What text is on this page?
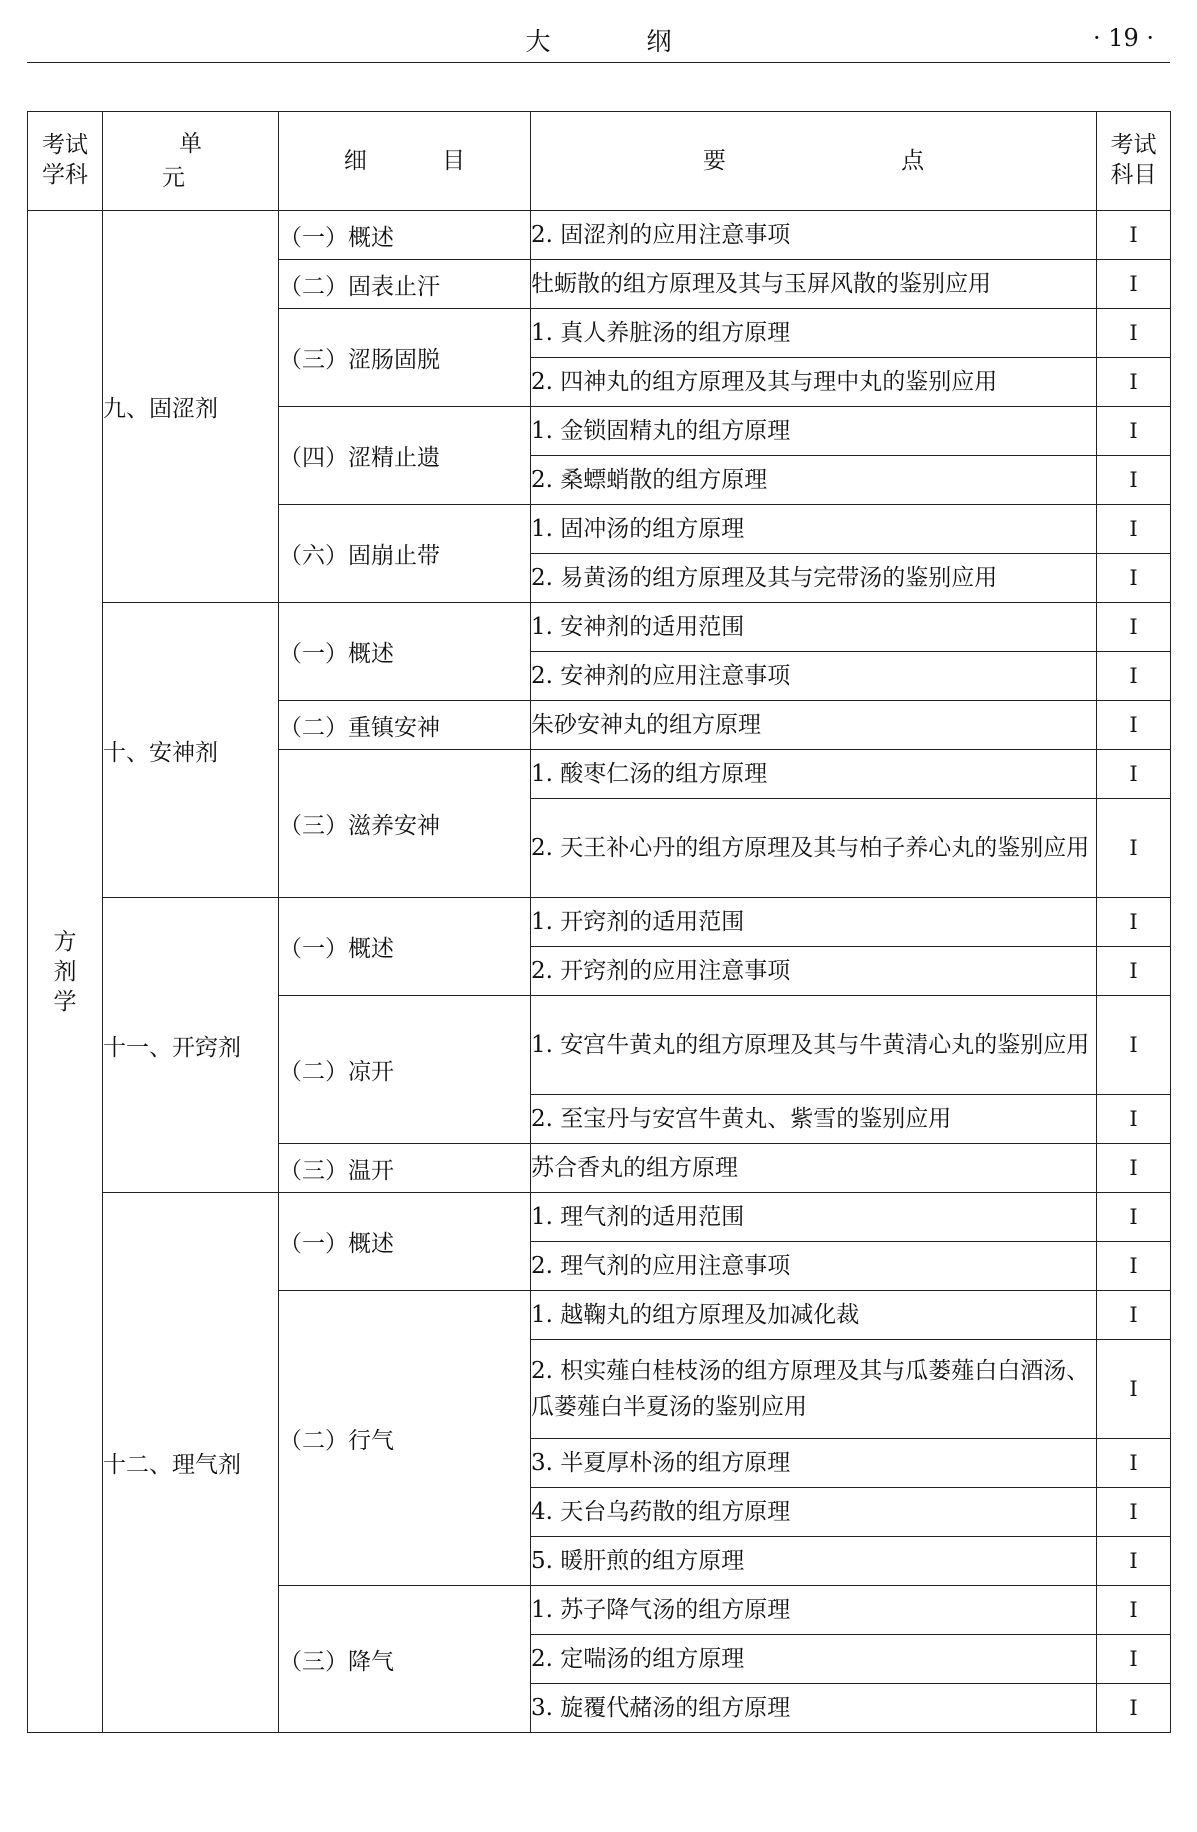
大 纲	· 19 ·
考试学科	单 元	细 目	要 点	考试科目
方剂学	九、固涩剂	（一）概述	2. 固涩剂的应用注意事项	Ⅰ
		（二）固表止汗	牡蛎散的组方原理及其与玉屏风散的鉴别应用	Ⅰ
		（三）涩肠固脱	1. 真人养脏汤的组方原理	Ⅰ
			2. 四神丸的组方原理及其与理中丸的鉴别应用	Ⅰ
		（四）涩精止遗	1. 金锁固精丸的组方原理	Ⅰ
			2. 桑螵蛸散的组方原理	Ⅰ
		（六）固崩止带	1. 固冲汤的组方原理	Ⅰ
			2. 易黄汤的组方原理及其与完带汤的鉴别应用	Ⅰ
	十、安神剂	（一）概述	1. 安神剂的适用范围	Ⅰ
			2. 安神剂的应用注意事项	Ⅰ
		（二）重镇安神	朱砂安神丸的组方原理	Ⅰ
		（三）滋养安神	1. 酸枣仁汤的组方原理	Ⅰ
			2. 天王补心丹的组方原理及其与柏子养心丸的鉴别应用	Ⅰ
	十一、开窍剂	（一）概述	1. 开窍剂的适用范围	Ⅰ
			2. 开窍剂的应用注意事项	Ⅰ
		（二）凉开	1. 安宫牛黄丸的组方原理及其与牛黄清心丸的鉴别应用	Ⅰ
			2. 至宝丹与安宫牛黄丸、紫雪的鉴别应用	Ⅰ
		（三）温开	苏合香丸的组方原理	Ⅰ
	十二、理气剂	（一）概述	1. 理气剂的适用范围	Ⅰ
			2. 理气剂的应用注意事项	Ⅰ
		（二）行气	1. 越鞠丸的组方原理及加减化裁	Ⅰ
			2. 枳实薤白桂枝汤的组方原理及其与瓜蒌薤白白酒汤、瓜蒌薤白半夏汤的鉴别应用	Ⅰ
			3. 半夏厚朴汤的组方原理	Ⅰ
			4. 天台乌药散的组方原理	Ⅰ
			5. 暖肝煎的组方原理	Ⅰ
		（三）降气	1. 苏子降气汤的组方原理	Ⅰ
			2. 定喘汤的组方原理	Ⅰ
			3. 旋覆代赭汤的组方原理	Ⅰ
